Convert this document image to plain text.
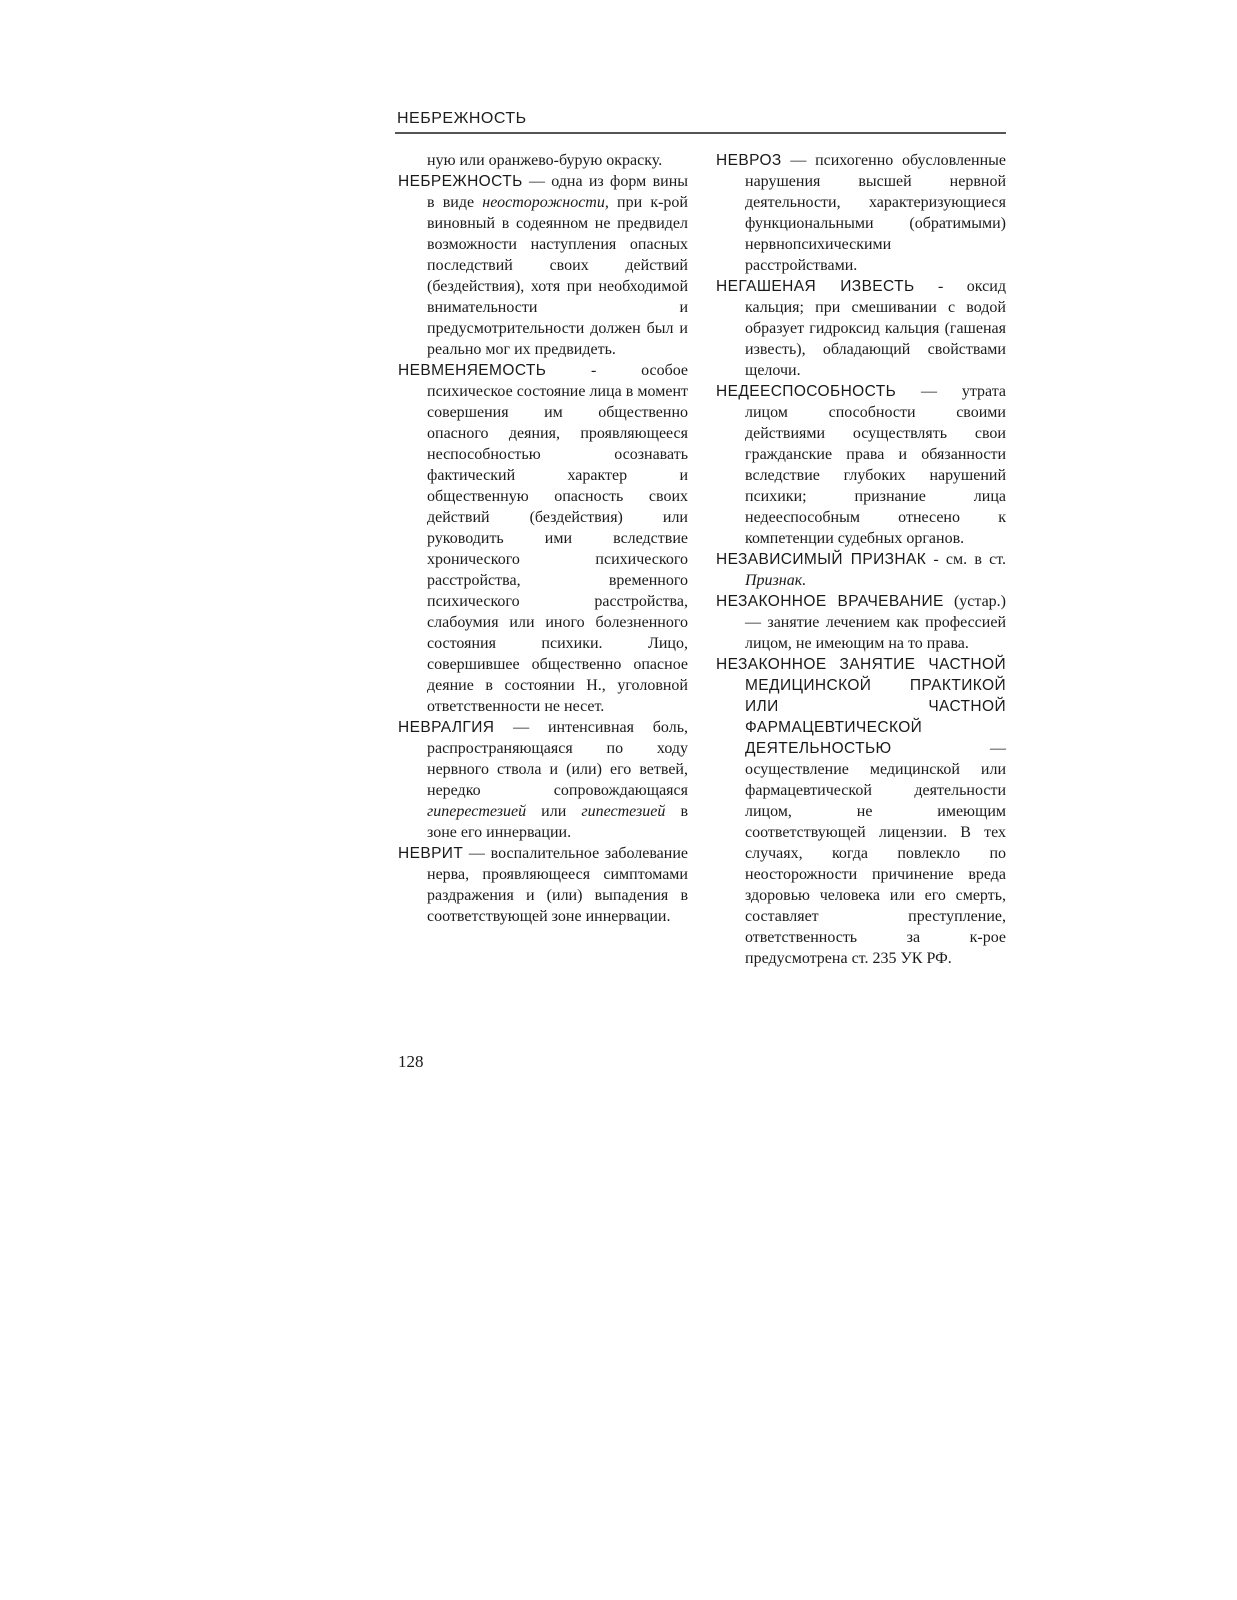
НЕБРЕЖНОСТЬ

ную или оранжево-бурую окраску.

НЕБРЕЖНОСТЬ — одна из форм вины в виде неосторожности, при к-рой виновный в содеянном не предвидел возможности наступления опасных последствий своих действий (бездействия), хотя при необходимой внимательности и предусмотрительности должен был и реально мог их предвидеть.

НЕВМЕНЯЕМОСТЬ - особое психическое состояние лица в момент совершения им общественно опасного деяния, проявляющееся неспособностью осознавать фактический характер и общественную опасность своих действий (бездействия) или руководить ими вследствие хронического психического расстройства, временного психического расстройства, слабоумия или иного болезненного состояния психики. Лицо, совершившее общественно опасное деяние в состоянии Н., уголовной ответственности не несет.

НЕВРАЛГИЯ — интенсивная боль, распространяющаяся по ходу нервного ствола и (или) его ветвей, нередко сопровождающаяся гиперестезией или гипестезией в зоне его иннервации.

НЕВРИТ — воспалительное заболевание нерва, проявляющееся симптомами раздражения и (или) выпадения в соответствующей зоне иннервации.

НЕВРОЗ — психогенно обусловленные нарушения высшей нервной деятельности, характеризующиеся функциональными (обратимыми) нервнопсихическими расстройствами.

НЕГАШЕНАЯ ИЗВЕСТЬ - оксид кальция; при смешивании с водой образует гидроксид кальция (гашеная известь), обладающий свойствами щелочи.

НЕДЕЕСПОСОБНОСТЬ — утрата лицом способности своими действиями осуществлять свои гражданские права и обязанности вследствие глубоких нарушений психики; признание лица недееспособным отнесено к компетенции судебных органов.

НЕЗАВИСИМЫЙ ПРИЗНАК - см. в ст. Признак.

НЕЗАКОННОЕ ВРАЧЕВАНИЕ (устар.) — занятие лечением как профессией лицом, не имеющим на то права.

НЕЗАКОННОЕ ЗАНЯТИЕ ЧАСТНОЙ МЕДИЦИНСКОЙ ПРАКТИКОЙ ИЛИ ЧАСТНОЙ ФАРМАЦЕВТИЧЕСКОЙ ДЕЯТЕЛЬНОСТЬЮ — осуществление медицинской или фармацевтической деятельности лицом, не имеющим соответствующей лицензии. В тех случаях, когда повлекло по неосторожности причинение вреда здоровью человека или его смерть, составляет преступление, ответственность за к-рое предусмотрена ст. 235 УК РФ.

128
